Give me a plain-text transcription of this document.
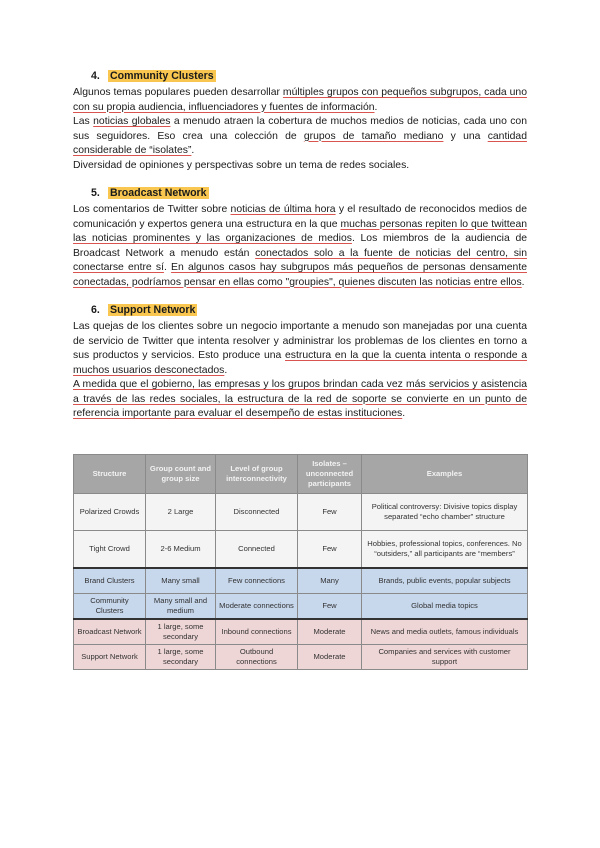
4. Community Clusters

Algunos temas populares pueden desarrollar múltiples grupos con pequeños subgrupos, cada uno con su propia audiencia, influenciadores y fuentes de información.

Las noticias globales a menudo atraen la cobertura de muchos medios de noticias, cada uno con sus seguidores. Eso crea una colección de grupos de tamaño mediano y una cantidad considerable de “isolates”.

Diversidad de opiniones y perspectivas sobre un tema de redes sociales.

5. Broadcast Network

Los comentarios de Twitter sobre noticias de última hora y el resultado de reconocidos medios de comunicación y expertos genera una estructura en la que muchas personas repiten lo que twittean las noticias prominentes y las organizaciones de medios. Los miembros de la audiencia de Broadcast Network a menudo están conectados solo a la fuente de noticias del centro, sin conectarse entre sí. En algunos casos hay subgrupos más pequeños de personas densamente conectadas, podríamos pensar en ellas como "groupies", quienes discuten las noticias entre ellos.

6. Support Network

Las quejas de los clientes sobre un negocio importante a menudo son manejadas por una cuenta de servicio de Twitter que intenta resolver y administrar los problemas de los clientes en torno a sus productos y servicios. Esto produce una estructura en la que la cuenta intenta o responde a muchos usuarios desconectados.

A medida que el gobierno, las empresas y los grupos brindan cada vez más servicios y asistencia a través de las redes sociales, la estructura de la red de soporte se convierte en un punto de referencia importante para evaluar el desempeño de estas instituciones.

Structure	Group count and group size	Level of group interconnectivity	Isolates – unconnected participants	Examples
Polarized Crowds	2 Large	Disconnected	Few	Political controversy: Divisive topics display separated “echo chamber” structure
Tight Crowd	2-6 Medium	Connected	Few	Hobbies, professional topics, conferences. No “outsiders,” all participants are “members”
Brand Clusters	Many small	Few connections	Many	Brands, public events, popular subjects
Community Clusters	Many small and medium	Moderate connections	Few	Global media topics
Broadcast Network	1 large, some secondary	Inbound connections	Moderate	News and media outlets, famous individuals
Support Network	1 large, some secondary	Outbound connections	Moderate	Companies and services with customer support
